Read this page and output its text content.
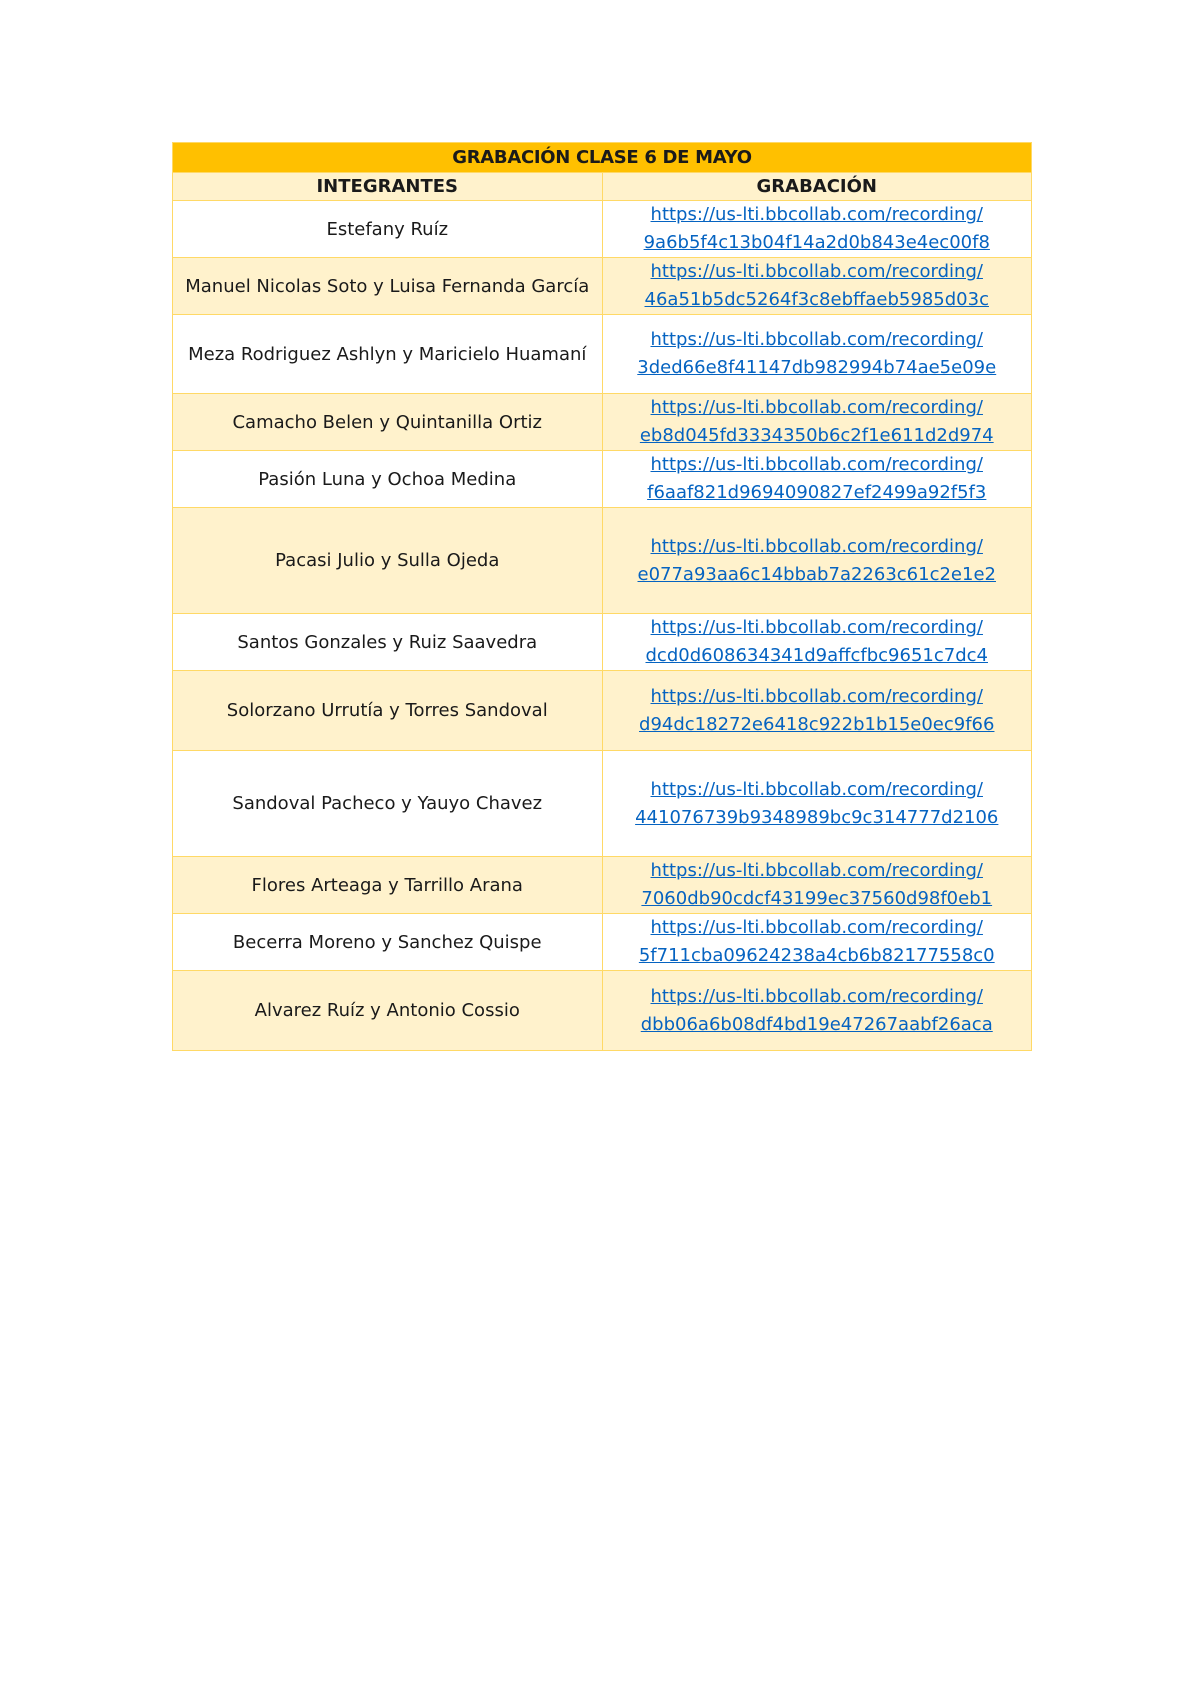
GRABACIÓN CLASE 6 DE MAYO	
INTEGRANTES	GRABACIÓN
Estefany Ruíz	https://us-lti.bbcollab.com/recording/
9a6b5f4c13b04f14a2d0b843e4ec00f8
Manuel Nicolas Soto y Luisa Fernanda García	https://us-lti.bbcollab.com/recording/
46a51b5dc5264f3c8ebffaeb5985d03c
Meza Rodriguez Ashlyn y Maricielo Huamaní	https://us-lti.bbcollab.com/recording/
3ded66e8f41147db982994b74ae5e09e
Camacho Belen y Quintanilla Ortiz	https://us-lti.bbcollab.com/recording/
eb8d045fd3334350b6c2f1e611d2d974
Pasión Luna y Ochoa Medina	https://us-lti.bbcollab.com/recording/
f6aaf821d9694090827ef2499a92f5f3
Pacasi Julio y Sulla Ojeda	https://us-lti.bbcollab.com/recording/
e077a93aa6c14bbab7a2263c61c2e1e2
Santos Gonzales y Ruiz Saavedra	https://us-lti.bbcollab.com/recording/
dcd0d608634341d9affcfbc9651c7dc4
Solorzano Urrutía y Torres Sandoval	https://us-lti.bbcollab.com/recording/
d94dc18272e6418c922b1b15e0ec9f66
Sandoval Pacheco y Yauyo Chavez	https://us-lti.bbcollab.com/recording/
441076739b9348989bc9c314777d2106
Flores Arteaga y Tarrillo Arana	https://us-lti.bbcollab.com/recording/
7060db90cdcf43199ec37560d98f0eb1
Becerra Moreno y Sanchez Quispe	https://us-lti.bbcollab.com/recording/
5f711cba09624238a4cb6b82177558c0
Alvarez Ruíz y Antonio Cossio	https://us-lti.bbcollab.com/recording/
dbb06a6b08df4bd19e47267aabf26aca
